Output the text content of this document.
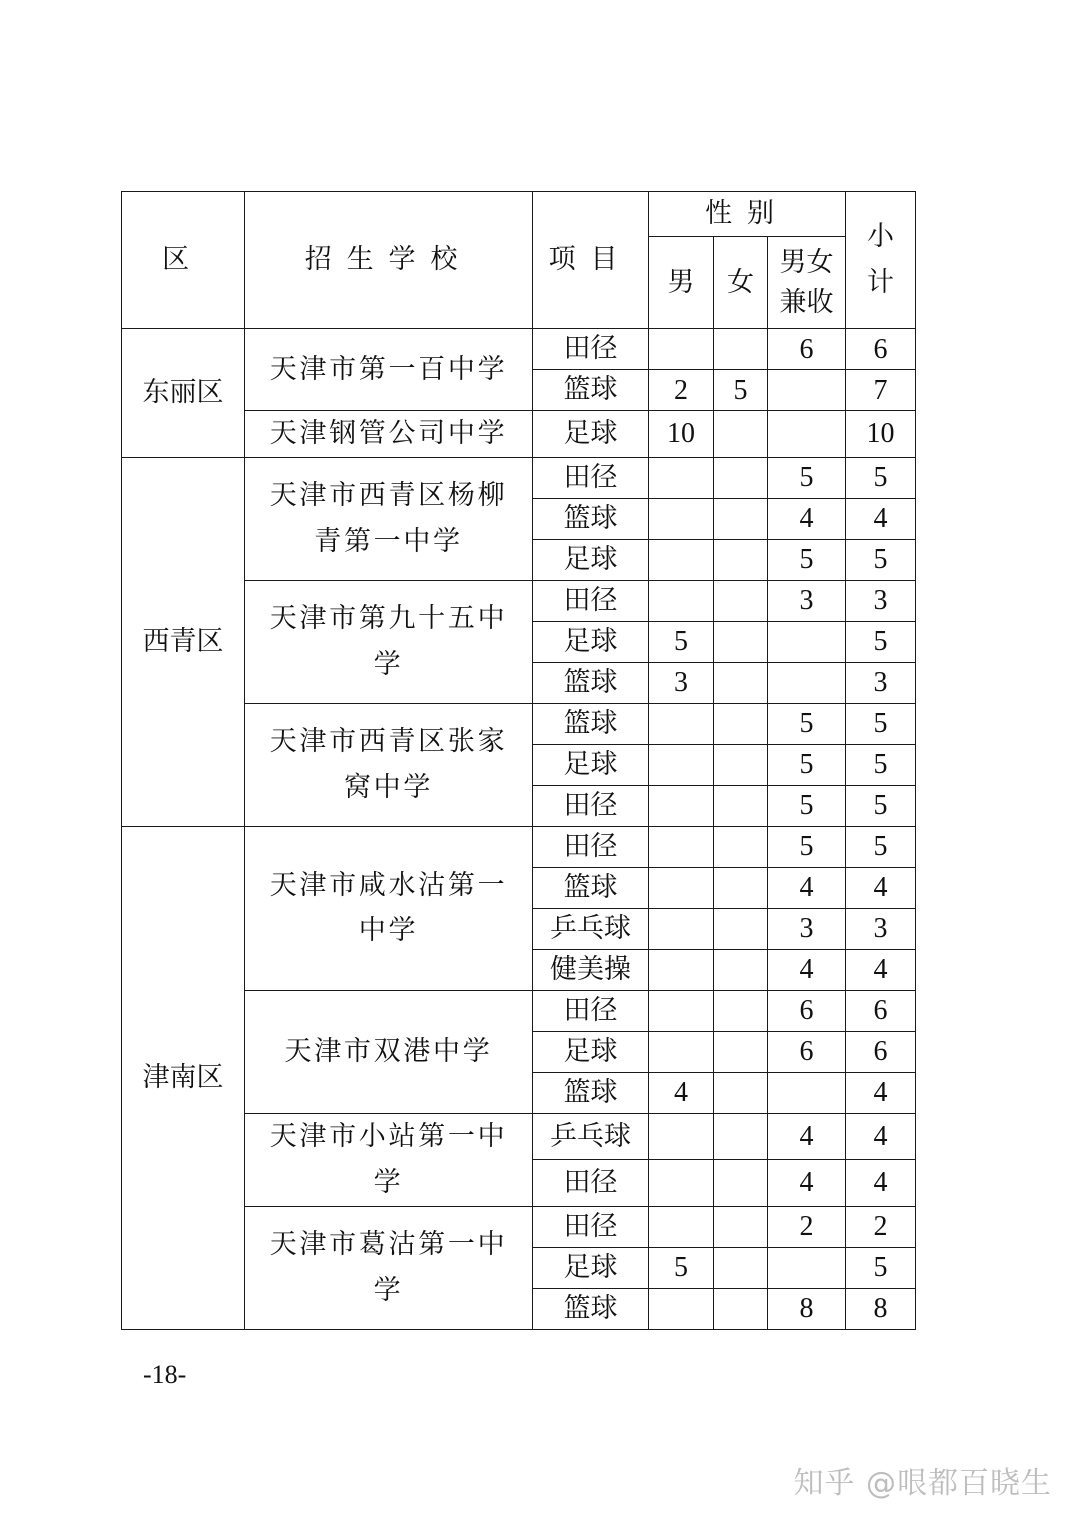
区	招生学校	项目	性别			小计
			男	女	男女兼收	
东丽区	天津市第一百中学	田径			6	6
		篮球	2	5		7
	天津钢管公司中学	足球	10			10
西青区	天津市西青区杨柳青第一中学	田径			5	5
		篮球			4	4
		足球			5	5
	天津市第九十五中学	田径			3	3
		足球	5			5
		篮球	3			3
	天津市西青区张家窝中学	篮球			5	5
		足球			5	5
		田径			5	5
津南区	天津市咸水沽第一中学	田径			5	5
		篮球			4	4
		乒乓球			3	3
		健美操			4	4
	天津市双港中学	田径			6	6
		足球			6	6
		篮球	4			4
	天津市小站第一中学	乒乓球			4	4
		田径			4	4
	天津市葛沽第一中学	田径			2	2
		足球	5			5
		篮球			8	8
-18-
知乎 @哏都百晓生
